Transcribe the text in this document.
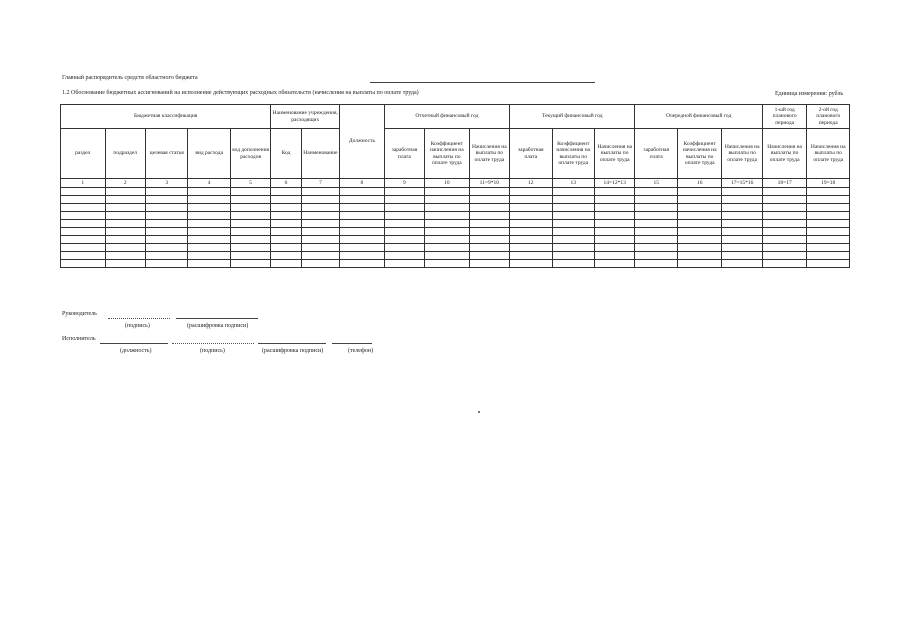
Главный распорядитель средств областного бюджета
1.2 Обоснование бюджетных ассигнований на исполнение действующих расходных обязательств (начисления на выплаты по оплате труда)	Единица измерения: рубль
Бюджетная классификация					Наименование учреждения, расходящих		Должность	Отчетный финансовый год			Текущий финансовый год			Очередной финансовый год			1-ый год планового периода	2-ой год планового периода
раздел	подраздел	целевая статья	вид расхода	код дополнения расходов	Код	Наименование		заработная плата	Коэффициент начисления на выплаты по оплате труда	Начисления на выплаты по оплате труда	заработная плата	Коэффициент начисления на выплаты по оплате труда	Начисления на выплаты по оплате труда	заработная плата	Коэффициент начисления на выплаты по оплате труда	Начисления на выплаты по оплате труда	Начисления на выплаты по оплате труда	Начисления на выплаты по оплате труда
1	2	3	4	5	6	7	8	9	10	11=9*10	12	13	14=12*13	15	16	17=15*16	18=17	19=18

Руководитель
(подпись)	(расшифровка подписи)
Исполнитель
(должность)	(подпись)	(расшифровка подписи)	(телефон)
